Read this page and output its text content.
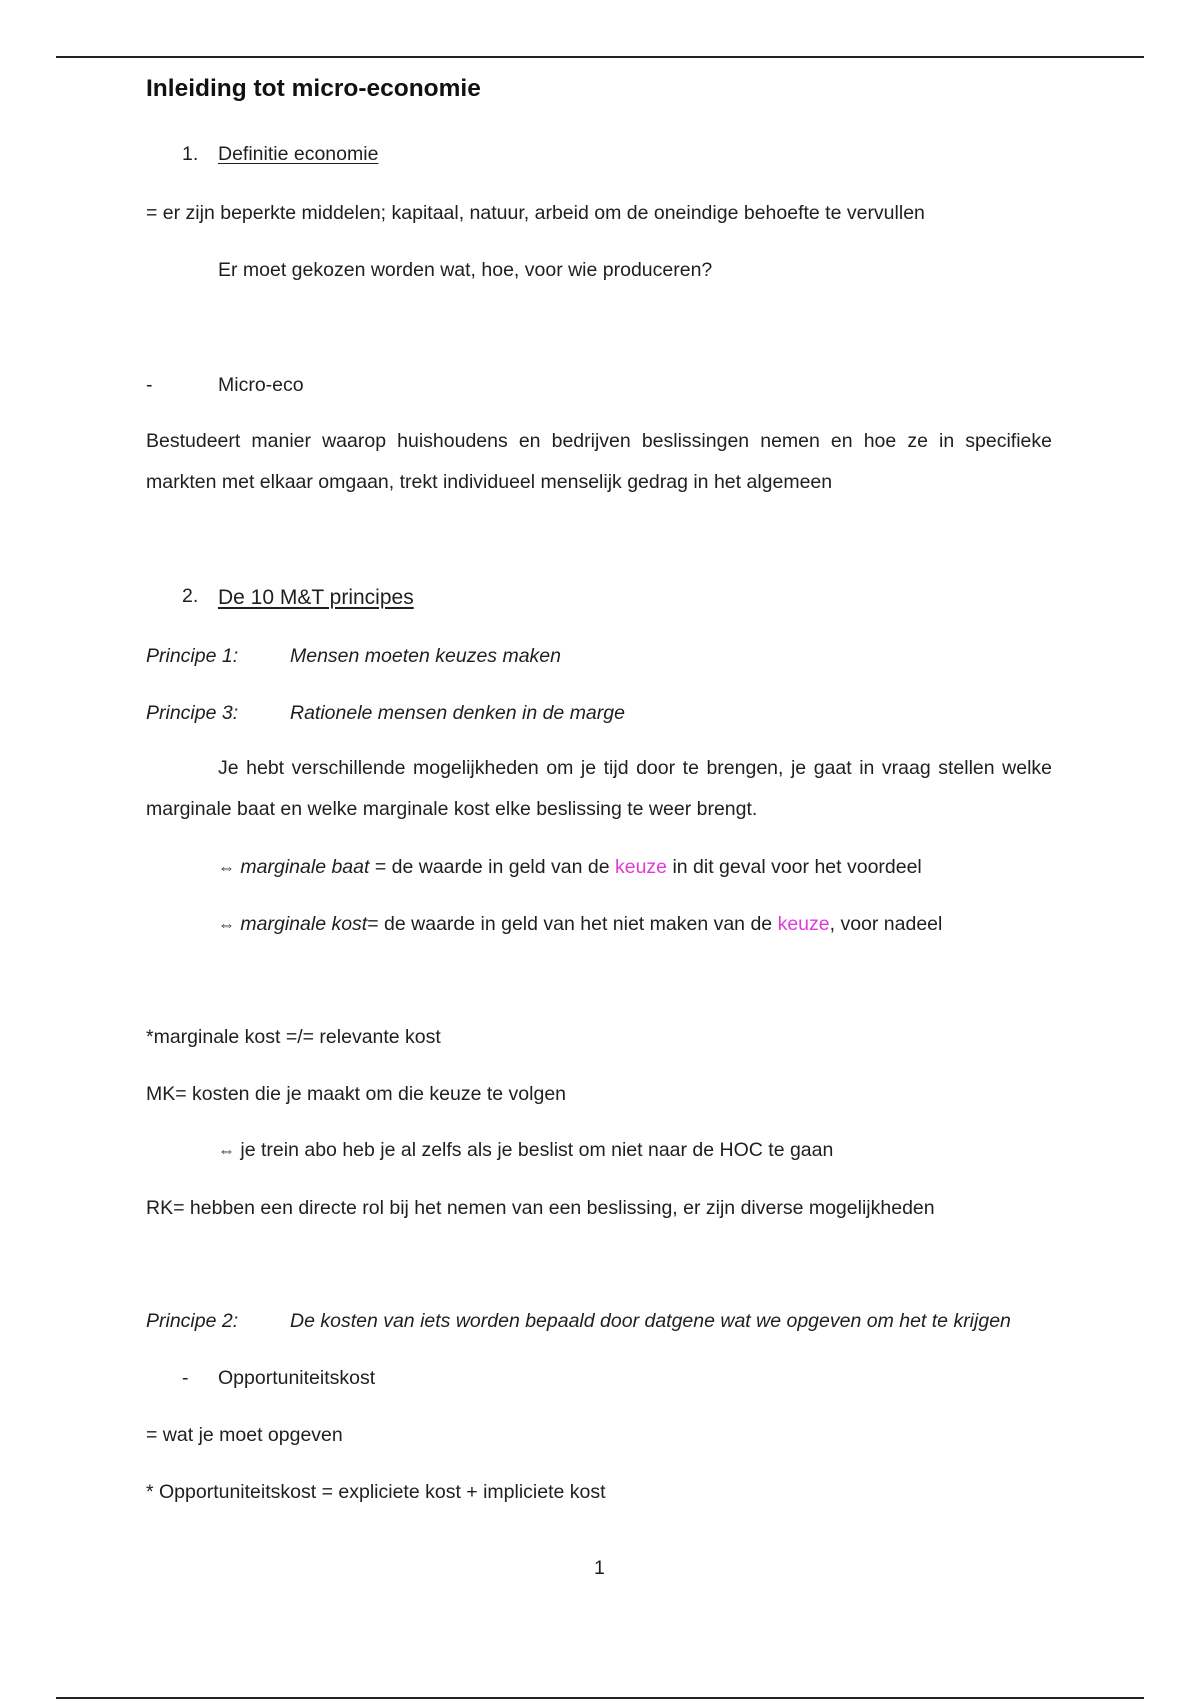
Inleiding tot micro-economie
1. Definitie economie
= er zijn beperkte middelen; kapitaal, natuur, arbeid om de oneindige behoefte te vervullen
Er moet gekozen worden wat, hoe, voor wie produceren?
-	Micro-eco
Bestudeert manier waarop huishoudens en bedrijven beslissingen nemen en hoe ze in specifieke markten met elkaar omgaan, trekt individueel menselijk gedrag in het algemeen
2. De 10 M&T principes
Principe 1:	Mensen moeten keuzes maken
Principe 3:	Rationele mensen denken in de marge
Je hebt verschillende mogelijkheden om je tijd door te brengen, je gaat in vraag stellen welke marginale baat en welke marginale kost elke beslissing te weer brengt.
⇔ marginale baat = de waarde in geld van de keuze in dit geval voor het voordeel
⇔ marginale kost= de waarde in geld van het niet maken van de keuze, voor nadeel
*marginale kost =/= relevante kost
MK= kosten die je maakt om die keuze te volgen
⇔ je trein abo heb je al zelfs als je beslist om niet naar de HOC te gaan
RK= hebben een directe rol bij het nemen van een beslissing, er zijn diverse mogelijkheden
Principe 2:	De kosten van iets worden bepaald door datgene wat we opgeven om het te krijgen
- Opportuniteitskost
= wat je moet opgeven
* Opportuniteitskost = expliciete kost + impliciete kost
1
